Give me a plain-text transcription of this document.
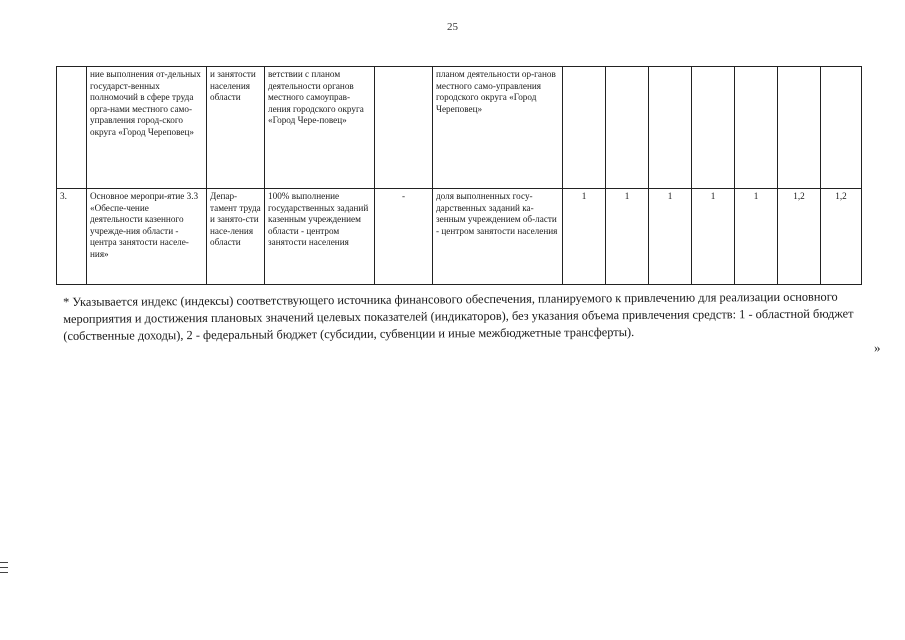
25
	ние выполнения от-дельных государст-венных полномочий в сфере труда орга-нами местного само-управления город-ского округа «Город Череповец»	и занятости населения области	ветствии с планом деятельности органов местного самоуправ-ления городского округа «Город Чере-повец»		планом деятельности ор-ганов местного само-управления городского округа «Город Череповец»							
3.	Основное меропри-ятие 3.3 «Обеспе-чение деятельности казенного учрежде-ния области - центра занятости населе-ния»	Депар-тамент труда и занято-сти насе-ления области	100% выполнение государственных заданий казенным учреждением области - центром занятости населения	-	доля выполненных госу-дарственных заданий ка-зенным учреждением об-ласти - центром занятости населения	1	1	1	1	1	1,2	1,2
* Указывается индекс (индексы) соответствующего источника финансового обеспечения, планируемого к привлечению для реализации основного мероприятия и достижения плановых значений целевых показателей (индикаторов), без указания объема привлечения средств: 1 - областной бюджет (собственные доходы), 2 - федеральный бюджет (субсидии, субвенции и иные межбюджетные трансферты).
»
